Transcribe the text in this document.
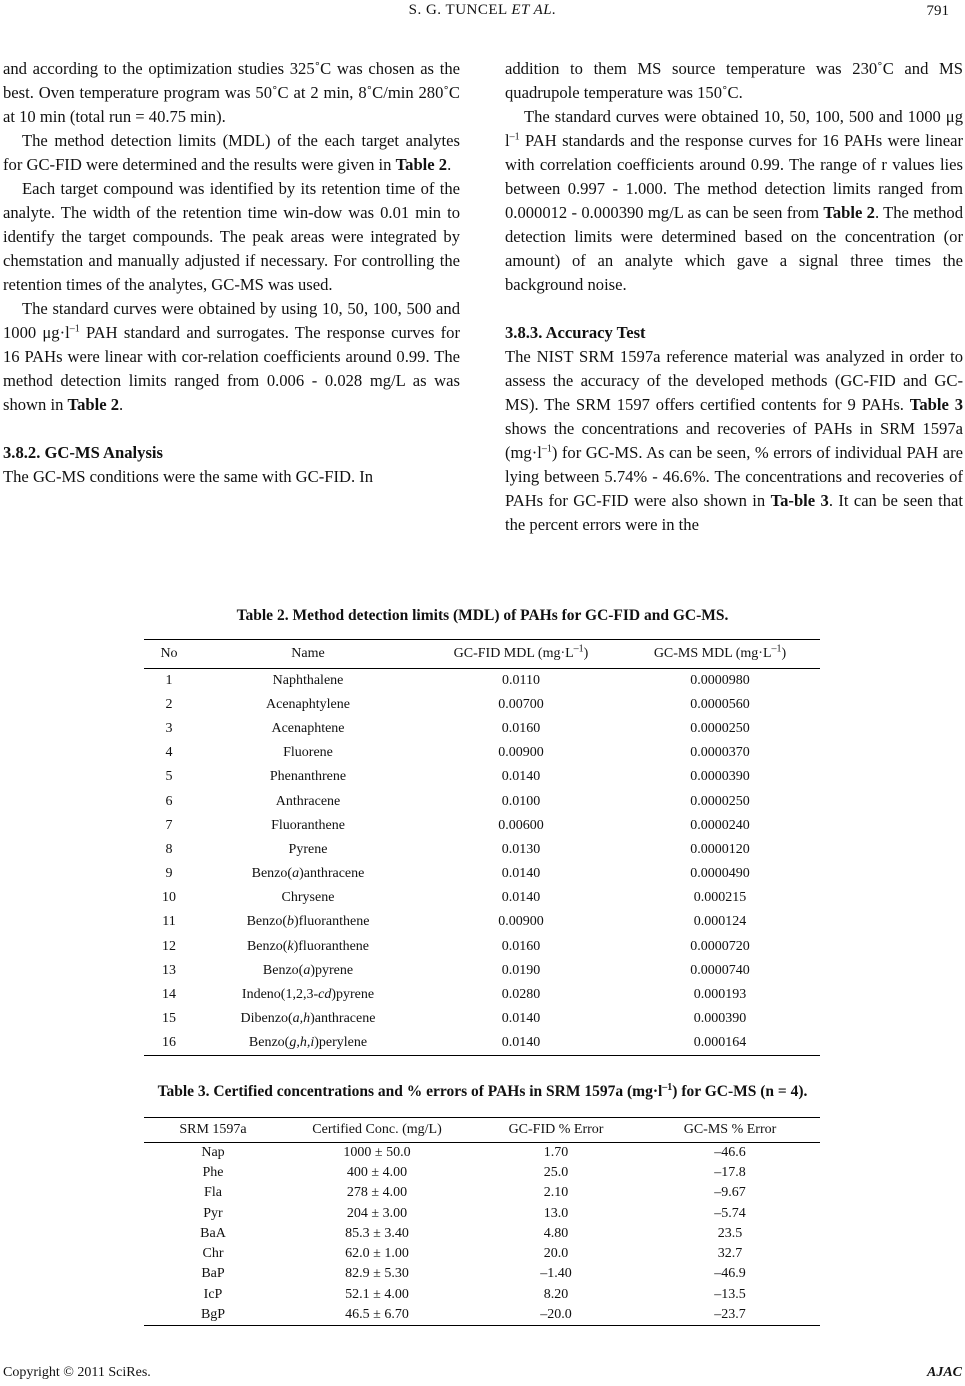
S. G. TUNCEL ET AL.	791

and according to the optimization studies 325˚C was chosen as the best. Oven temperature program was 50˚C at 2 min, 8˚C/min 280˚C at 10 min (total run = 40.75 min).

The method detection limits (MDL) of the each target analytes for GC-FID were determined and the results were given in Table 2.

Each target compound was identified by its retention time of the analyte. The width of the retention time win-dow was 0.01 min to identify the target compounds. The peak areas were integrated by chemstation and manually adjusted if necessary. For controlling the retention times of the analytes, GC-MS was used.

The standard curves were obtained by using 10, 50, 100, 500 and 1000 $\mu g\cdot l^{-1}$ PAH standard and surrogates. The response curves for 16 PAHs were linear with cor-relation coefficients around 0.99. The method detection limits ranged from 0.006 - 0.028 mg/L as was shown in Table 2.

3.8.2. GC-MS Analysis

The GC-MS conditions were the same with GC-FID. In

addition to them MS source temperature was 230˚C and MS quadrupole temperature was 150˚C.

The standard curves were obtained 10, 50, 100, 500 and 1000 μg $l^{-1}$ PAH standards and the response curves for 16 PAHs were linear with correlation coefficients around 0.99. The range of r values lies between 0.997 - 1.000. The method detection limits ranged from 0.000012 - 0.000390 mg/L as can be seen from Table 2. The method detection limits were determined based on the concentration (or amount) of an analyte which gave a signal three times the background noise.

3.8.3. Accuracy Test

The NIST SRM 1597a reference material was analyzed in order to assess the accuracy of the developed methods (GC-FID and GC-MS). The SRM 1597 offers certified contents for 9 PAHs. Table 3 shows the concentrations and recoveries of PAHs in SRM 1597a $(mg\cdot l^{-1})$ for GC-MS. As can be seen, % errors of individual PAH are lying between 5.74% - 46.6%. The concentrations and recoveries of PAHs for GC-FID were also shown in Ta-ble 3. It can be seen that the percent errors were in the

Table 2. Method detection limits (MDL) of PAHs for GC-FID and GC-MS.
No	Name	GC-FID MDL $(mg\cdot L^{-1})$	GC-MS MDL $(mg\cdot L^{-1})$
1	Naphthalene	0.0110	0.0000980
2	Acenaphtylene	0.00700	0.0000560
3	Acenaphtene	0.0160	0.0000250
4	Fluorene	0.00900	0.0000370
5	Phenanthrene	0.0140	0.0000390
6	Anthracene	0.0100	0.0000250
7	Fluoranthene	0.00600	0.0000240
8	Pyrene	0.0130	0.0000120
9	Benzo(a)anthracene	0.0140	0.0000490
10	Chrysene	0.0140	0.000215
11	Benzo(b)fluoranthene	0.00900	0.000124
12	Benzo(k)fluoranthene	0.0160	0.0000720
13	Benzo(a)pyrene	0.0190	0.0000740
14	Indeno(1,2,3-cd)pyrene	0.0280	0.000193
15	Dibenzo(a,h)anthracene	0.0140	0.000390
16	Benzo(g,h,i)perylene	0.0140	0.000164
Table 3. Certified concentrations and % errors of PAHs in SRM 1597a $(mg\cdot l^{-1})$ for GC-MS (n = 4).
SRM 1597a	Certified Conc. (mg/L)	GC-FID % Error	GC-MS % Error
Nap	1000 ± 50.0	1.70	–46.6
Phe	400 ± 4.00	25.0	–17.8
Fla	278 ± 4.00	2.10	–9.67
Pyr	204 ± 3.00	13.0	–5.74
BaA	85.3 ± 3.40	4.80	23.5
Chr	62.0 ± 1.00	20.0	32.7
BaP	82.9 ± 5.30	–1.40	–46.9
IcP	52.1 ± 4.00	8.20	–13.5
BgP	46.5 ± 6.70	–20.0	–23.7
Copyright © 2011 SciRes.	AJAC
